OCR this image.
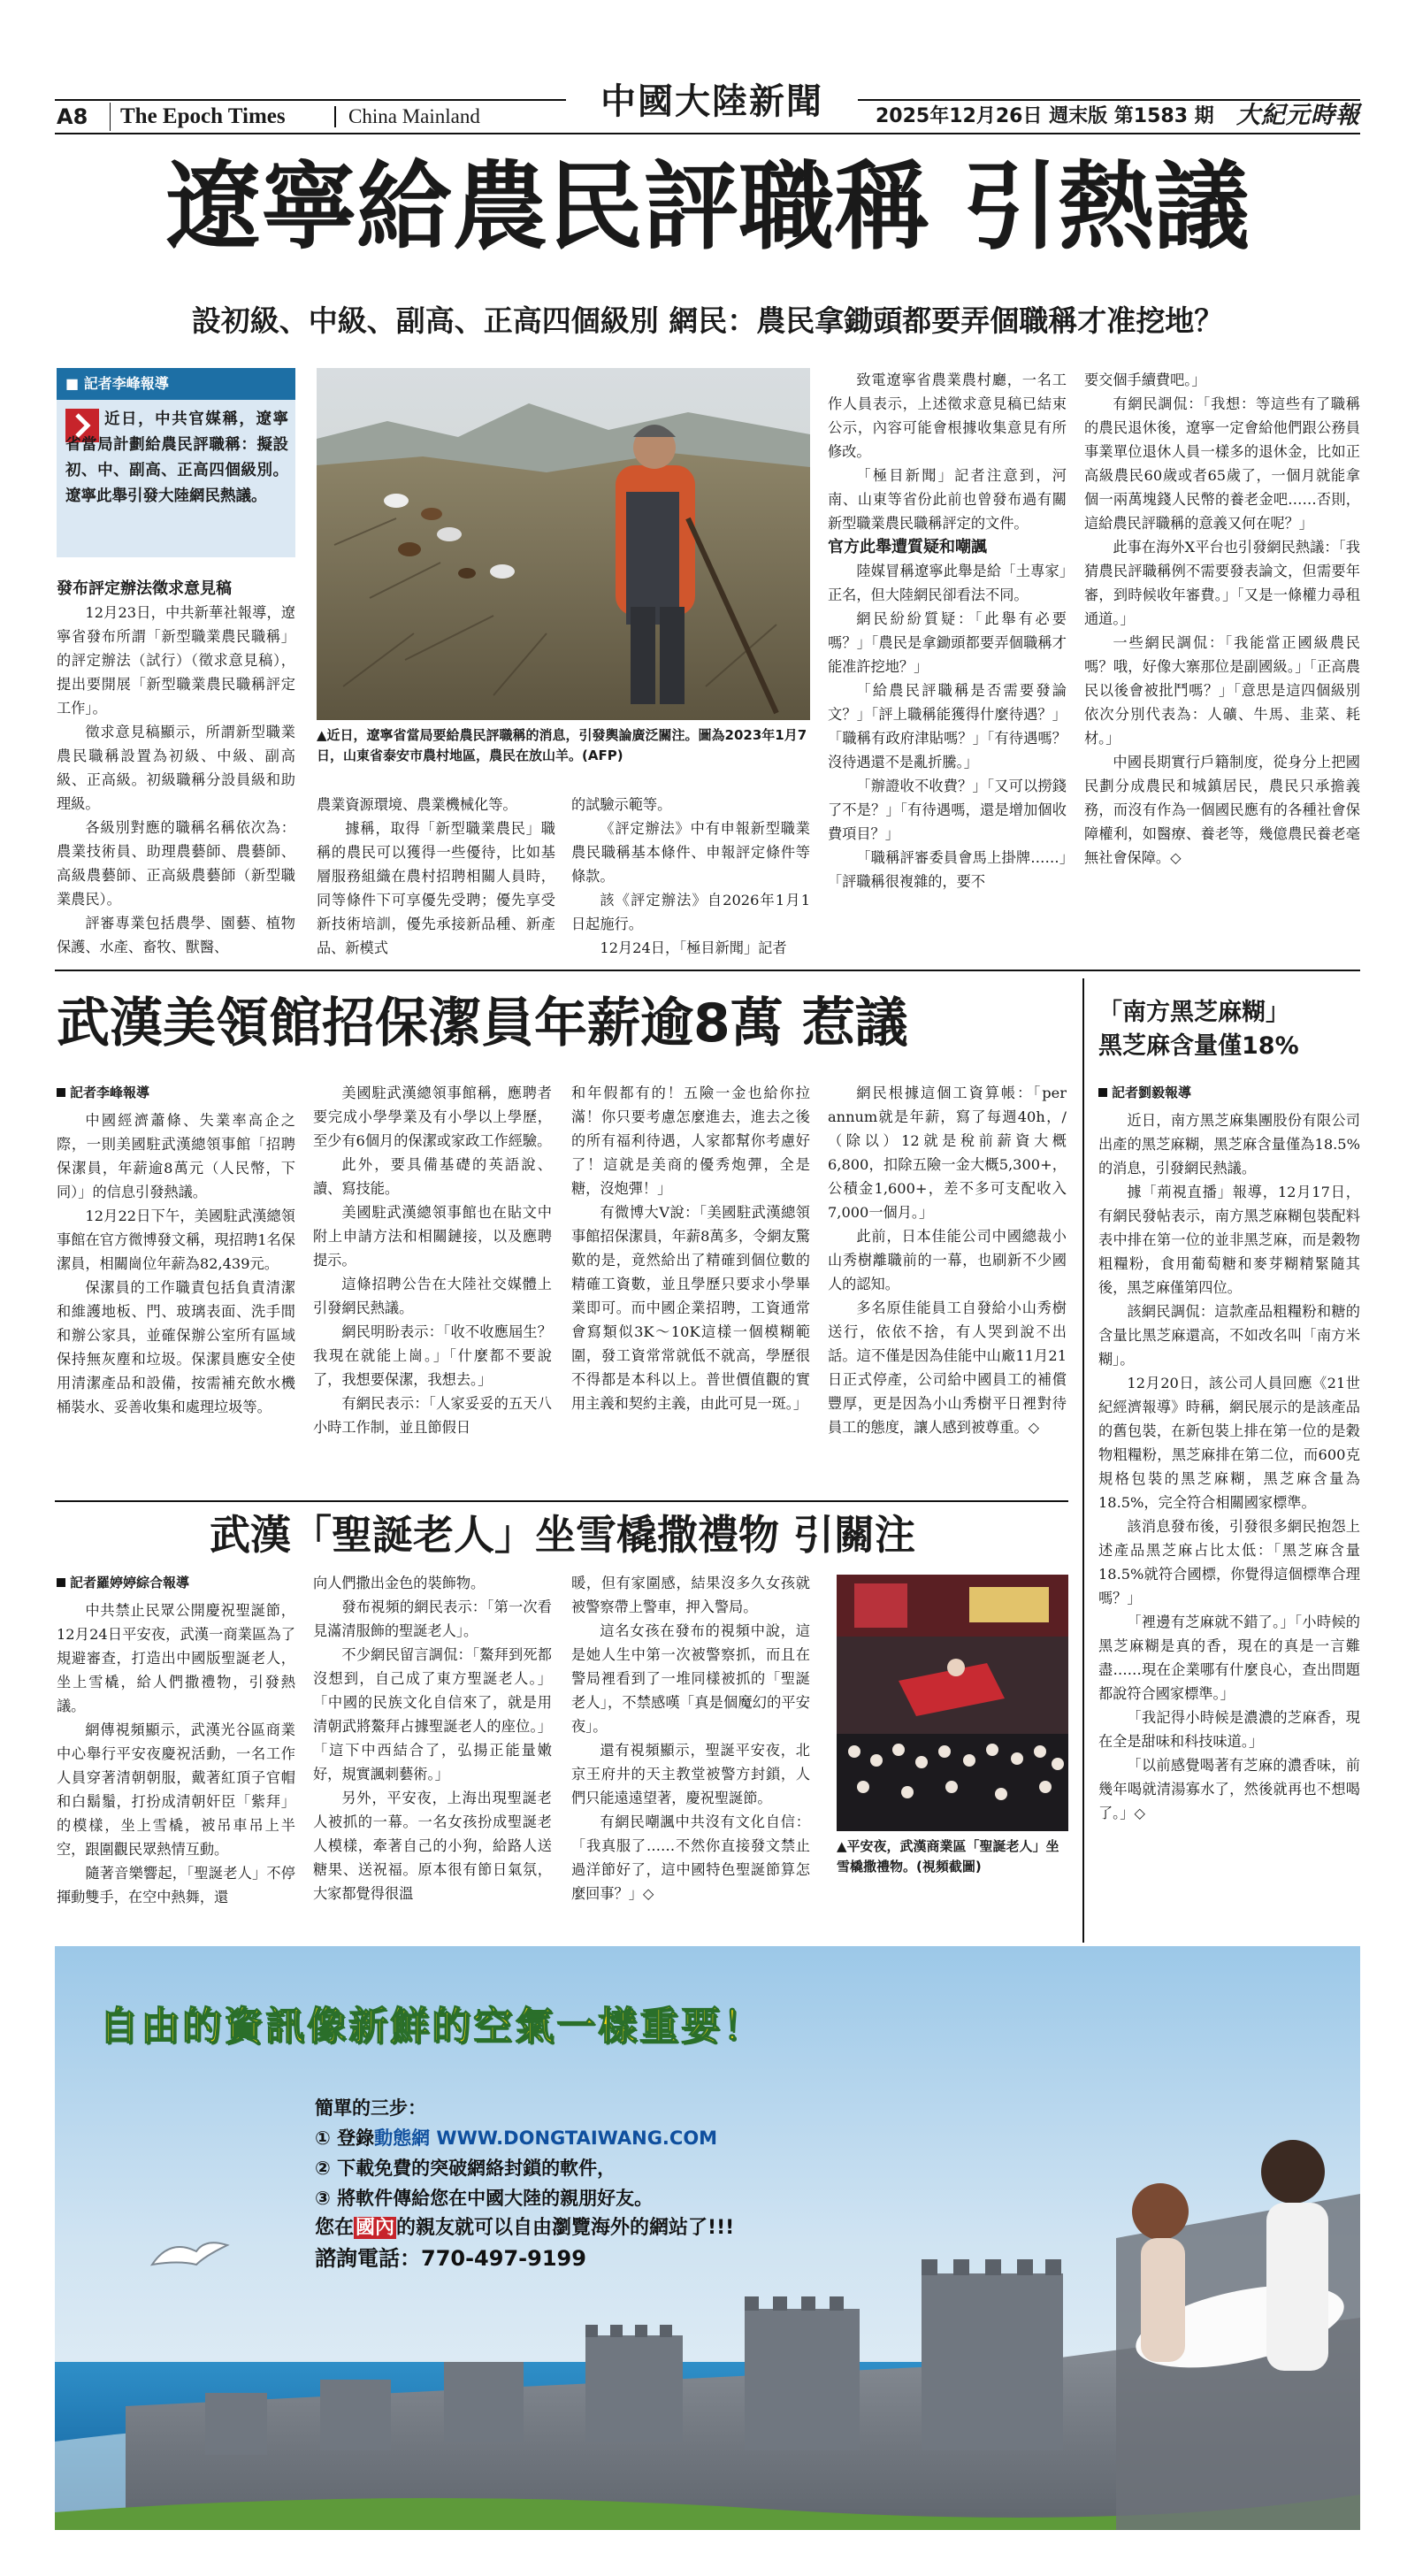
A8	The Epoch Times	China Mainland	中國大陸新聞	2025年12月26日 週末版 第1583 期 大紀元時報
遼寧給農民評職稱 引熱議
設初級、中級、副高、正高四個級別 網民：農民拿鋤頭都要弄個職稱才准挖地？
■ 記者李峰報導
近日，中共官媒稱，遼寧省當局計劃給農民評職稱：擬設初、中、副高、正高四個級別。遼寧此舉引發大陸網民熱議。

發布評定辦法徵求意見稿

12月23日，中共新華社報導，遼寧省發布所謂「新型職業農民職稱」的評定辦法（試行）（徵求意見稿），提出要開展「新型職業農民職稱評定工作」。

徵求意見稿顯示，所謂新型職業農民職稱設置為初級、中級、副高級、正高級。初級職稱分設員級和助理級。

各級別對應的職稱名稱依次為：農業技術員、助理農藝師、農藝師、高級農藝師、正高級農藝師（新型職業農民）。

評審專業包括農學、園藝、植物保護、水產、畜牧、獸醫、

▲近日，遼寧省當局要給農民評職稱的消息，引發輿論廣泛關注。圖為2023年1月7日，山東省泰安市農村地區，農民在放山羊。(AFP)

農業資源環境、農業機械化等。

據稱，取得「新型職業農民」職稱的農民可以獲得一些優待，比如基層服務組織在農村招聘相關人員時，同等條件下可享優先受聘；優先享受新技術培訓，優先承接新品種、新產品、新模式

的試驗示範等。

《評定辦法》中有申報新型職業農民職稱基本條件、申報評定條件等條款。

該《評定辦法》自2026年1月1日起施行。

12月24日，「極目新聞」記者

致電遼寧省農業農村廳，一名工作人員表示，上述徵求意見稿已結束公示，內容可能會根據收集意見有所修改。

「極目新聞」記者注意到，河南、山東等省份此前也曾發布過有關新型職業農民職稱評定的文件。

官方此舉遭質疑和嘲諷

陸媒冒稱遼寧此舉是給「土專家」正名，但大陸網民卻看法不同。

網民紛紛質疑：「此舉有必要嗎？」「農民是拿鋤頭都要弄個職稱才能准許挖地？」

「給農民評職稱是否需要發論文？」「評上職稱能獲得什麼待遇？」「職稱有政府津貼嗎？」「有待遇嗎？沒待遇還不是亂折騰。」

「辦證收不收費？」「又可以撈錢了不是？」「有待遇嗎，還是增加個收費項目？」

「職稱評審委員會馬上掛牌……」「評職稱很複雜的，要不

要交個手續費吧。」

有網民調侃：「我想：等這些有了職稱的農民退休後，遼寧一定會給他們跟公務員事業單位退休人員一樣多的退休金，比如正高級農民60歲或者65歲了，一個月就能拿個一兩萬塊錢人民幣的養老金吧……否則，這給農民評職稱的意義又何在呢？」

此事在海外X平台也引發網民熱議：「我猜農民評職稱例不需要發表論文，但需要年審，到時候收年審費。」「又是一條權力尋租通道。」

一些網民調侃：「我能當正國級農民嗎？哦，好像大寨那位是副國級。」「正高農民以後會被批鬥嗎？」「意思是這四個級別依次分別代表為：人礦、牛馬、韭菜、耗材。」

中國長期實行戶籍制度，從身分上把國民劃分成農民和城鎮居民，農民只承擔義務，而沒有作為一個國民應有的各種社會保障權利，如醫療、養老等，幾億農民養老毫無社會保障。◇

武漢美領館招保潔員年薪逾8萬 惹議
記者李峰報導

中國經濟蕭條、失業率高企之際，一則美國駐武漢總領事館「招聘保潔員，年薪逾8萬元（人民幣，下同）」的信息引發熱議。

12月22日下午，美國駐武漢總領事館在官方微博發文稱，現招聘1名保潔員，相關崗位年薪為82,439元。

保潔員的工作職責包括負責清潔和維護地板、門、玻璃表面、洗手間和辦公家具，並確保辦公室所有區域保持無灰塵和垃圾。保潔員應安全使用清潔產品和設備，按需補充飲水機桶裝水、妥善收集和處理垃圾等。

美國駐武漢總領事館稱，應聘者要完成小學學業及有小學以上學歷，至少有6個月的保潔或家政工作經驗。

此外，要具備基礎的英語說、讀、寫技能。

美國駐武漢總領事館也在貼文中附上申請方法和相關鏈接，以及應聘提示。

這條招聘公告在大陸社交媒體上引發網民熱議。

網民明盼表示：「收不收應屆生？我現在就能上崗。」「什麼都不要說了，我想要保潔，我想去。」

有網民表示：「人家妥妥的五天八小時工作制，並且節假日

和年假都有的！五險一金也給你拉滿！你只要考慮怎麼進去，進去之後的所有福利待遇，人家都幫你考慮好了！這就是美商的優秀炮彈，全是糖，沒炮彈！」

有微博大V說：「美國駐武漢總領事館招保潔員，年薪8萬多，令網友驚歎的是，竟然給出了精確到個位數的精確工資數，並且學歷只要求小學畢業即可。而中國企業招聘，工資通常會寫類似3K～10K這樣一個模糊範圍，發工資常常就低不就高，學歷很不得都是本科以上。普世價值觀的實用主義和契約主義，由此可見一斑。」

網民根據這個工資算帳：「per annum就是年薪，寫了每週40h，/（除以）12就是稅前薪資大概6,800，扣除五險一金大概5,300+，公積金1,600+，差不多可支配收入7,000一個月。」

此前，日本佳能公司中國總裁小山秀樹離職前的一幕，也刷新不少國人的認知。

多名原佳能員工自發給小山秀樹送行，依依不捨，有人哭到說不出話。這不僅是因為佳能中山廠11月21日正式停產，公司給中國員工的補償豐厚，更是因為小山秀樹平日裡對待員工的態度，讓人感到被尊重。◇

武漢「聖誕老人」坐雪橇撒禮物 引關注
記者羅婷婷綜合報導

中共禁止民眾公開慶祝聖誕節，12月24日平安夜，武漢一商業區為了規避審查，打造出中國版聖誕老人，坐上雪橇，給人們撒禮物，引發熱議。

網傳視頻顯示，武漢光谷區商業中心舉行平安夜慶祝活動，一名工作人員穿著清朝朝服，戴著紅頂子官帽和白鬍鬚，打扮成清朝奸臣「紫拜」的模樣，坐上雪橇，被吊車吊上半空，跟圍觀民眾熱情互動。

隨著音樂響起，「聖誕老人」不停揮動雙手，在空中熱舞，還

向人們撒出金色的裝飾物。

發布視頻的網民表示：「第一次看見滿清服飾的聖誕老人」。

不少網民留言調侃：「鰲拜到死都沒想到，自己成了東方聖誕老人。」「中國的民族文化自信來了，就是用清朝武將鰲拜占據聖誕老人的座位。」「這下中西結合了，弘揚正能量嫩好，規實諷刺藝術。」

另外，平安夜，上海出現聖誕老人被抓的一幕。一名女孩扮成聖誕老人模樣，牽著自己的小狗，給路人送糖果、送祝福。原本很有節日氣氛，大家都覺得很溫

暖，但有家圍感，結果沒多久女孩就被警察帶上警車，押入警局。

這名女孩在發布的視頻中說，這是她人生中第一次被警察抓，而且在警局裡看到了一堆同樣被抓的「聖誕老人」，不禁感嘆「真是個魔幻的平安夜」。

還有視頻顯示，聖誕平安夜，北京王府井的天主教堂被警方封鎖，人們只能遠遠望著，慶祝聖誕節。

有網民嘲諷中共沒有文化自信：「我真服了……不然你直接發文禁止過洋節好了，這中國特色聖誕節算怎麼回事？」◇

▲平安夜，武漢商業區「聖誕老人」坐雪橇撒禮物。(視頻截圖)
「南方黑芝麻糊」
黑芝麻含量僅18%
記者劉毅報導

近日，南方黑芝麻集團股份有限公司出產的黑芝麻糊，黑芝麻含量僅為18.5%的消息，引發網民熱議。

據「荊視直播」報導，12月17日，有網民發帖表示，南方黑芝麻糊包裝配料表中排在第一位的並非黑芝麻，而是穀物粗糧粉，食用葡萄糖和麥芽糊精緊隨其後，黑芝麻僅第四位。

該網民調侃：這款產品粗糧粉和糖的含量比黑芝麻還高，不如改名叫「南方米糊」。

12月20日，該公司人員回應《21世紀經濟報導》時稱，網民展示的是該產品的舊包裝，在新包裝上排在第一位的是穀物粗糧粉，黑芝麻排在第二位，而600克規格包裝的黑芝麻糊，黑芝麻含量為18.5%，完全符合相關國家標準。

該消息發布後，引發很多網民抱怨上述產品黑芝麻占比太低：「黑芝麻含量18.5%就符合國標，你覺得這個標準合理嗎？」

「裡邊有芝麻就不錯了。」「小時候的黑芝麻糊是真的香，現在的真是一言難盡……現在企業哪有什麼良心，查出問題都說符合國家標準。」

「我記得小時候是濃濃的芝麻香，現在全是甜味和科技味道。」

「以前感覺喝著有芝麻的濃香味，前幾年喝就清湯寡水了，然後就再也不想喝了。」◇

自由的資訊像新鮮的空氣一樣重要！
簡單的三步：
① 登錄動態網 WWW.DONGTAIWANG.COM
② 下載免費的突破網絡封鎖的軟件，
③ 將軟件傳給您在中國大陸的親朋好友。
您在國內的親友就可以自由瀏覽海外的網站了!!!
諮詢電話：770-497-9199
